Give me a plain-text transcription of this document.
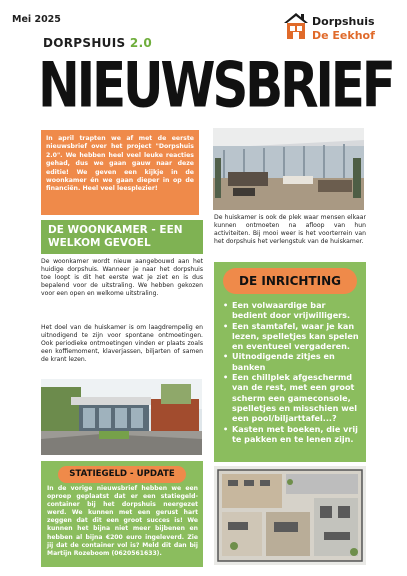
Mei 2025
DORPSHUIS 2.0
NIEUWSBRIEF
Dorpshuis
De Eekhof
In april trapten we af met de eerste nieuwsbrief over het project "Dorpshuis 2.0". We hebben heel veel leuke reacties gehad, dus we gaan gauw naar deze editie! We geven een kijkje in de woonkamer én we gaan dieper in op de financiën. Heel veel leesplezier!
DE WOONKAMER - EEN WELKOM GEVOEL
De woonkamer wordt nieuw aangebouwd aan het huidige dorpshuis. Wanneer je naar het dorpshuis toe loopt is dit het eerste wat je ziet en is dus bepalend voor de uitstraling. We hebben gekozen voor een open en welkome uitstraling.
Het doel van de huiskamer is om laagdrempelig en uitnodigend te zijn voor spontane ontmoetingen. Ook periodieke ontmoetingen vinden er plaats zoals een koffiemoment, klaverjassen, biljarten of samen de krant lezen.
De huiskamer is ook de plek waar mensen elkaar kunnen ontmoeten na afloop van hun activiteiten. Bij mooi weer is het voorterrein van het dorpshuis het verlengstuk van de huiskamer.
DE INRICHTING
• Een volwaardige bar bedient door vrijwilligers.
• Een stamtafel, waar je kan lezen, spelletjes kan spelen en eventueel vergaderen.
• Uitnodigende zitjes en banken
• Een chillplek afgeschermd van de rest, met een groot scherm een gameconsole, spelletjes en misschien wel een pool/biljarttafel...?
• Kasten met boeken, die vrij te pakken en te lenen zijn.
STATIEGELD - UPDATE
In de vorige nieuwsbrief hebben we een oproep geplaatst dat er een statiegeld-container bij het dorpshuis neergezet werd. We kunnen met een gerust hart zeggen dat dit een groot succes is! We kunnen het bijna niet meer bijbenen en hebben al bijna €200 euro ingeleverd. Zie jij dat de container vol is? Meld dit dan bij Martijn Rozeboom (0620561633).
